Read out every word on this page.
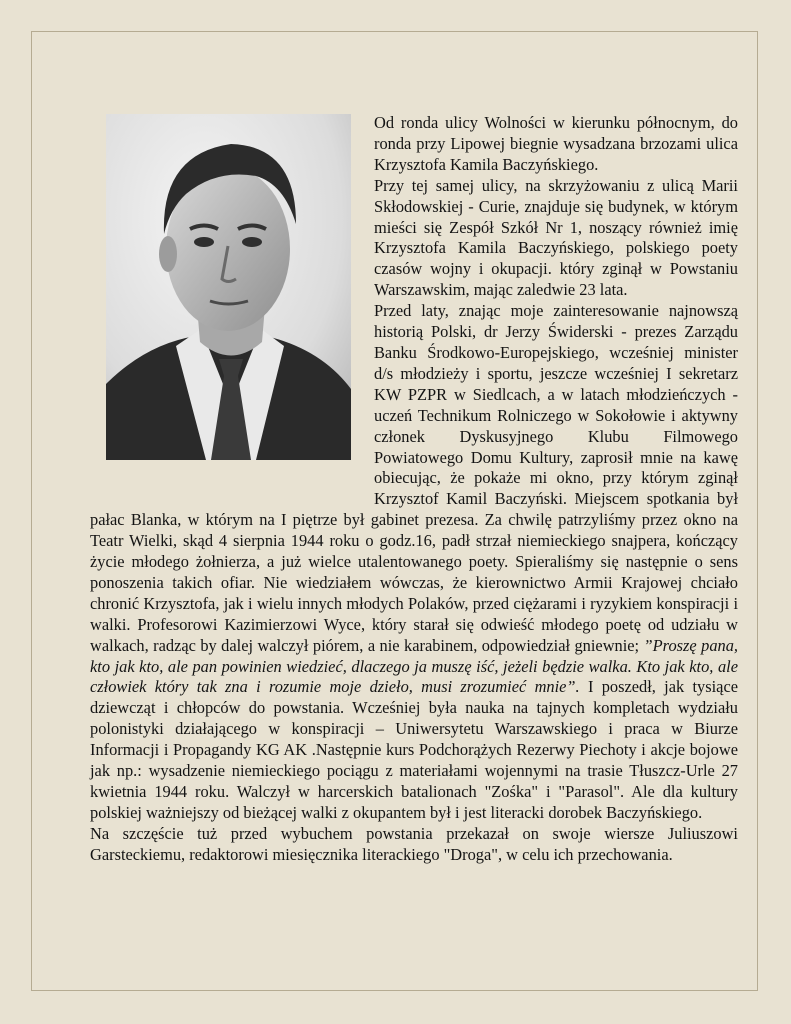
Od ronda ulicy Wolności w kierunku północnym, do ronda przy Lipowej biegnie wysadzana brzozami ulica Krzysztofa Kamila Baczyńskiego.

Przy tej samej ulicy, na skrzyżowaniu z ulicą Marii Skłodowskiej - Curie, znajduje się budynek, w którym mieści się Zespół Szkół Nr 1, noszący również imię Krzysztofa Kamila Baczyńskiego, polskiego poety czasów wojny i okupacji. który zginął w Powstaniu Warszawskim, mając zaledwie 23 lata.

Przed laty, znając moje zainteresowanie najnowszą historią Polski, dr Jerzy Świderski - prezes Zarządu Banku Środkowo-Europejskiego, wcześniej minister d/s młodzieży i sportu, jeszcze wcześniej I sekretarz KW PZPR w Siedlcach, a w latach młodzieńczych - uczeń Technikum Rolniczego w Sokołowie i aktywny członek Dyskusyjnego Klubu Filmowego Powiatowego Domu Kultury, zaprosił mnie na kawę obiecując, że pokaże mi okno, przy którym zginął Krzysztof Kamil Baczyński. Miejscem spotkania był pałac Blanka, w którym na I piętrze był gabinet prezesa. Za chwilę patrzyliśmy przez okno na Teatr Wielki, skąd 4 sierpnia 1944 roku o godz.16, padł strzał niemieckiego snajpera, kończący życie młodego żołnierza, a już wielce utalentowanego poety. Spieraliśmy się następnie o sens ponoszenia takich ofiar. Nie wiedziałem wówczas, że kierownictwo Armii Krajowej chciało chronić Krzysztofa, jak i wielu innych młodych Polaków, przed ciężarami i ryzykiem konspiracji i walki. Profesorowi Kazimierzowi Wyce, który starał się odwieść młodego poetę od udziału w walkach, radząc by dalej walczył piórem, a nie karabinem, odpowiedział gniewnie; ”Proszę pana, kto jak kto, ale pan powinien wiedzieć, dlaczego ja muszę iść, jeżeli będzie walka. Kto jak kto, ale człowiek który tak zna i rozumie moje dzieło, musi zrozumieć mnie”. I poszedł, jak tysiące dziewcząt i chłopców do powstania. Wcześniej była nauka na tajnych kompletach wydziału polonistyki działającego w konspiracji – Uniwersytetu Warszawskiego i praca w Biurze Informacji i Propagandy KG AK .Następnie kurs Podchorążych Rezerwy Piechoty i akcje bojowe jak np.: wysadzenie niemieckiego pociągu z materiałami wojennymi na trasie Tłuszcz-Urle 27 kwietnia 1944 roku. Walczył w harcerskich batalionach "Zośka" i "Parasol". Ale dla kultury polskiej ważniejszy od bieżącej walki z okupantem był i jest literacki dorobek Baczyńskiego.

Na szczęście tuż przed wybuchem powstania przekazał on swoje wiersze Juliuszowi Garsteckiemu, redaktorowi miesięcznika literackiego "Droga", w celu ich przechowania.
